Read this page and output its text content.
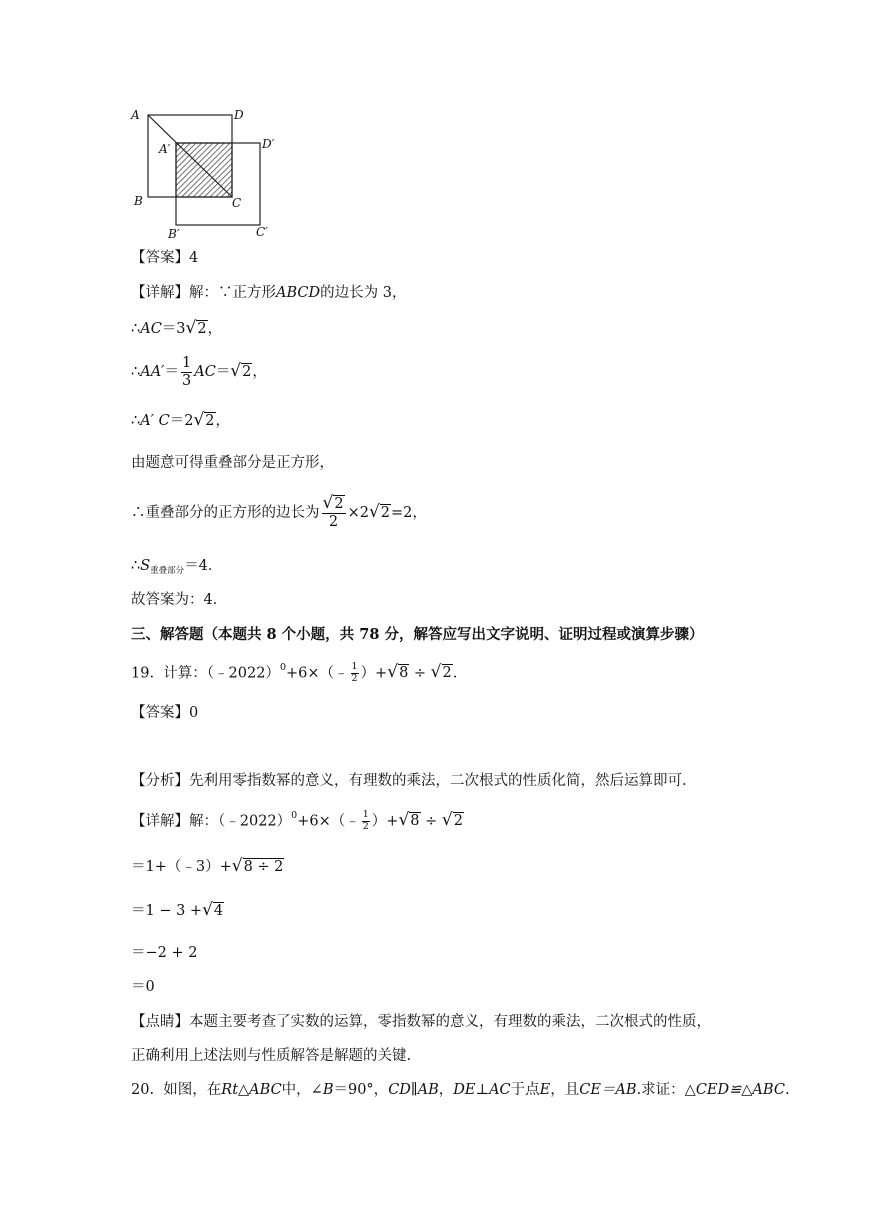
A	D
A′	D′
B	C
B′	C′
【答案】4
【详解】解：∵正方形ABCD的边长为 3，
∴AC＝3 √ 2 ，
∴AA′＝ $\frac{1}{3} AC=$ √ 2 ，
∴A′ C＝2 √ 2 ，
由题意可得重叠部分是正方形，
∴重叠部分的正方形的边长为 $\frac{√ 2}{2} \times 2$ √ 2 =2，
$\therefore S_{重叠部分}=4$．
故答案为：4．
三、解答题（本题共 8 个小题，共 78 分，解答应写出文字说明、证明过程或演算步骤）
19. 计算：（﹣2022）$^0$+6×（﹣ $\frac{1}{2}$ ）+ √ 8 ÷ √ 2 .
【答案】0
【分析】先利用零指数幂的意义，有理数的乘法，二次根式的性质化简，然后运算即可.
【详解】解：（﹣2022）$^0$+6×（﹣ $\frac{1}{2}$ ）+ √ 8 ÷ √ 2
＝1+（﹣3）+ √ 8 ÷ 2
＝1 − 3 + √ 4
＝−2 + 2
＝0
【点睛】本题主要考查了实数的运算，零指数幂的意义，有理数的乘法，二次根式的性质，
正确利用上述法则与性质解答是解题的关键.
20. 如图，在Rt△ABC中，∠B＝90°，CD∥AB，DE⊥AC于点E，且CE＝AB.求证：△CED≌△ABC.
